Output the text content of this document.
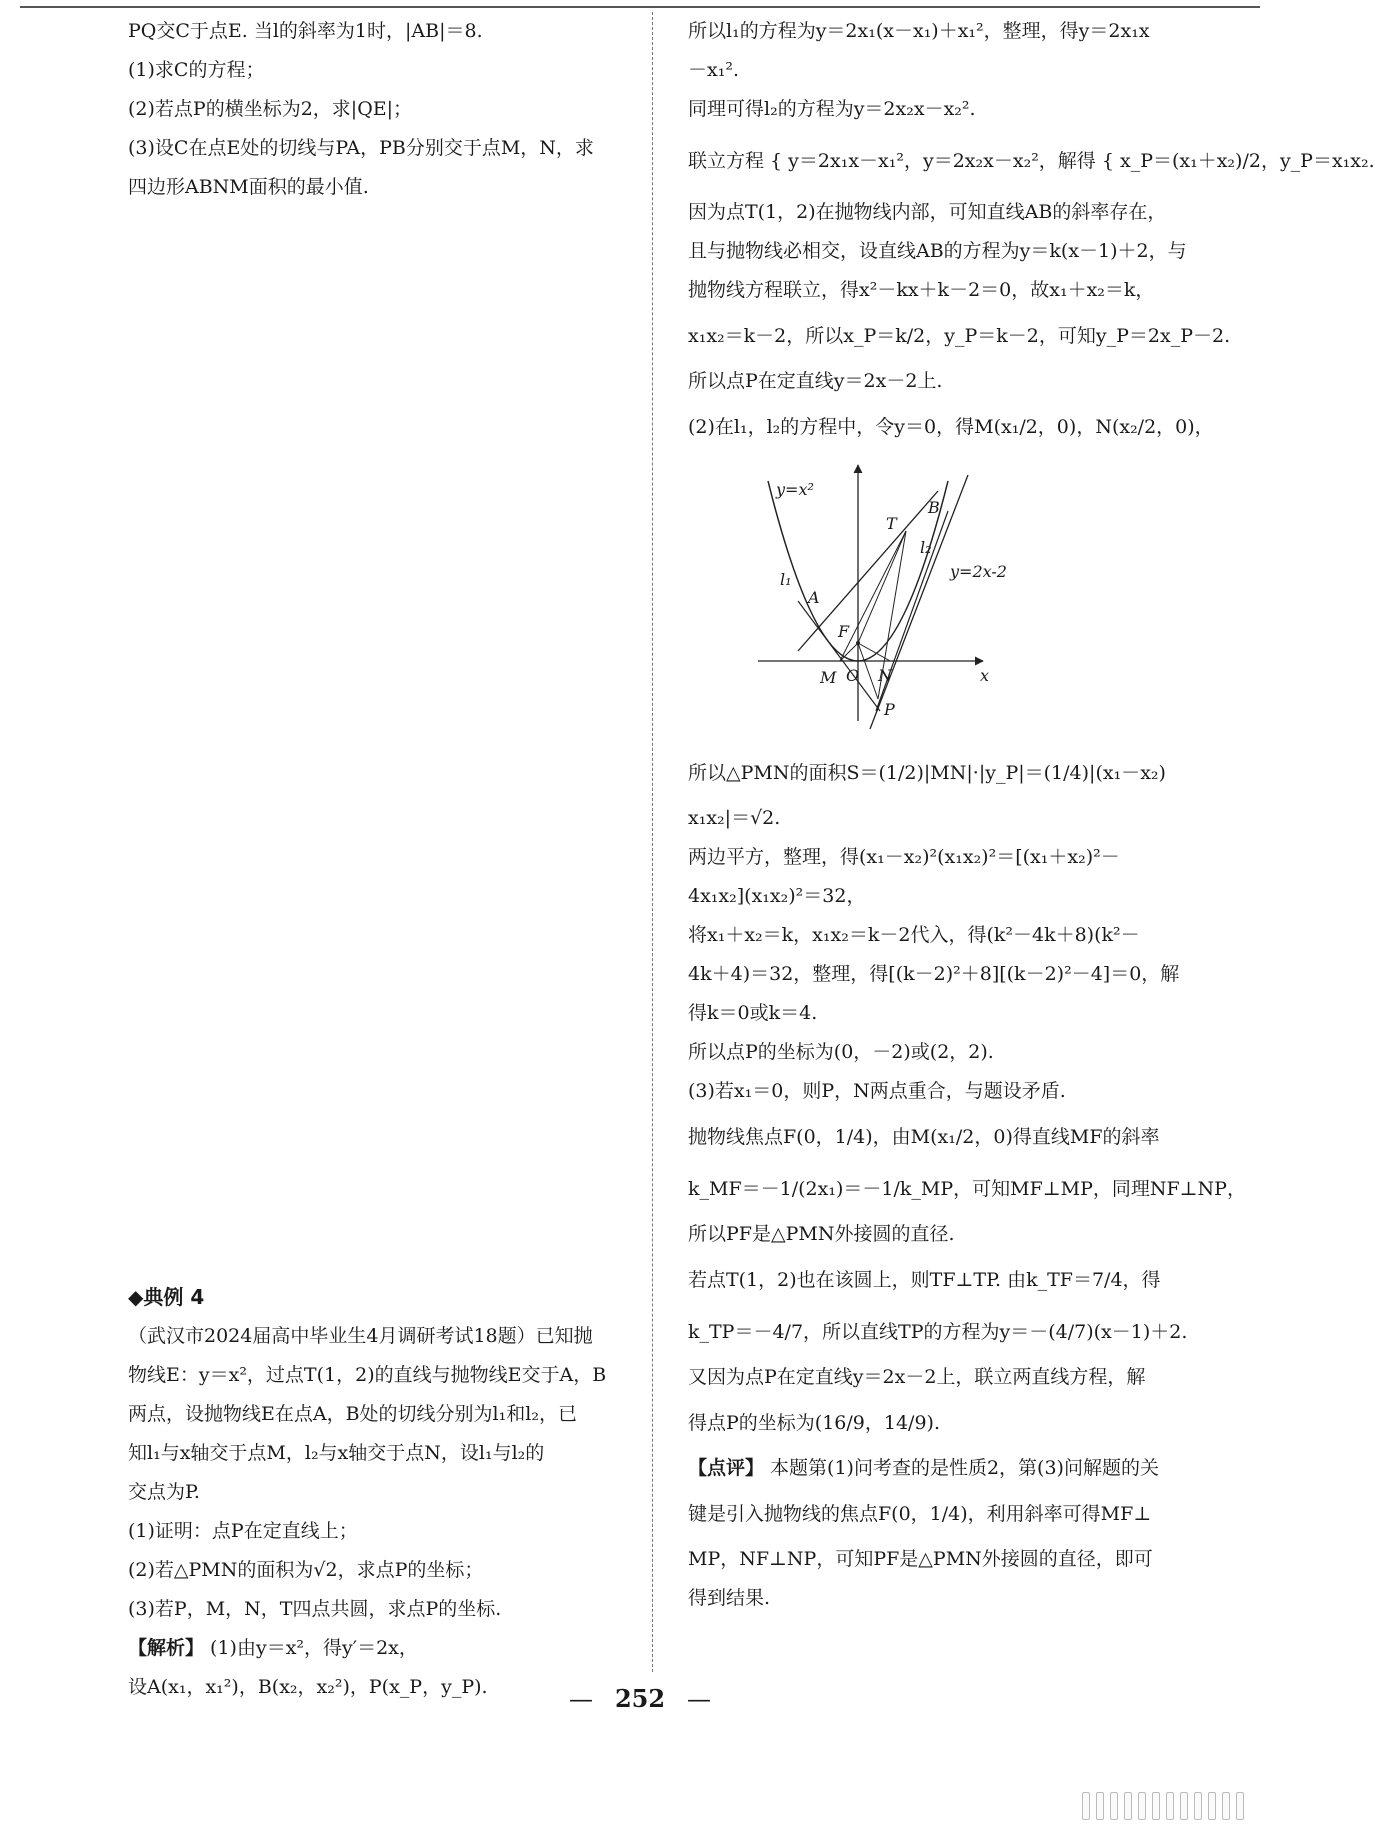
PQ交C于点E. 当l的斜率为1时，|AB|＝8.
(1)求C的方程；
(2)若点P的横坐标为2，求|QE|；
(3)设C在点E处的切线与PA，PB分别交于点M，N，求
四边形ABNM面积的最小值.
◆典例 4
（武汉市2024届高中毕业生4月调研考试18题）已知抛
物线E：y＝x²，过点T(1，2)的直线与抛物线E交于A，B
两点，设抛物线E在点A，B处的切线分别为l₁和l₂，已
知l₁与x轴交于点M，l₂与x轴交于点N，设l₁与l₂的
交点为P.
(1)证明：点P在定直线上；
(2)若△PMN的面积为√2，求点P的坐标；
(3)若P，M，N，T四点共圆，求点P的坐标.
【解析】 (1)由y＝x²，得y′＝2x，
设A(x₁，x₁²)，B(x₂，x₂²)，P(x_P，y_P).
所以l₁的方程为y＝2x₁(x－x₁)＋x₁²，整理，得y＝2x₁x
－x₁².
同理可得l₂的方程为y＝2x₂x－x₂².
联立方程 { y＝2x₁x－x₁²，y＝2x₂x－x₂²，解得 { x_P＝(x₁＋x₂)/2，y_P＝x₁x₂.
因为点T(1，2)在抛物线内部，可知直线AB的斜率存在，
且与抛物线必相交，设直线AB的方程为y＝k(x－1)＋2，与
抛物线方程联立，得x²－kx＋k－2＝0，故x₁＋x₂＝k，
x₁x₂＝k－2，所以x_P＝k/2，y_P＝k－2，可知y_P＝2x_P－2.
所以点P在定直线y＝2x－2上.
(2)在l₁，l₂的方程中，令y＝0，得M(x₁/2，0)，N(x₂/2，0)，
y=x²
T
B
l₂
y=2x-2
l₁
A
F
M O N
P
x
所以△PMN的面积S＝(1/2)|MN|·|y_P|＝(1/4)|(x₁－x₂)
x₁x₂|＝√2.
两边平方，整理，得(x₁－x₂)²(x₁x₂)²＝[(x₁＋x₂)²－
4x₁x₂](x₁x₂)²＝32，
将x₁＋x₂＝k，x₁x₂＝k－2代入，得(k²－4k＋8)(k²－
4k＋4)＝32，整理，得[(k－2)²＋8][(k－2)²－4]＝0，解
得k＝0或k＝4.
所以点P的坐标为(0，－2)或(2，2).
(3)若x₁＝0，则P，N两点重合，与题设矛盾.
抛物线焦点F(0，1/4)，由M(x₁/2，0)得直线MF的斜率
k_MF＝－1/(2x₁)＝－1/k_MP，可知MF⊥MP，同理NF⊥NP，
所以PF是△PMN外接圆的直径.
若点T(1，2)也在该圆上，则TF⊥TP. 由k_TF＝7/4，得
k_TP＝－4/7，所以直线TP的方程为y＝－(4/7)(x－1)＋2.
又因为点P在定直线y＝2x－2上，联立两直线方程，解
得点P的坐标为(16/9，14/9).
【点评】 本题第(1)问考查的是性质2，第(3)问解题的关
键是引入抛物线的焦点F(0，1/4)，利用斜率可得MF⊥
MP，NF⊥NP，可知PF是△PMN外接圆的直径，即可
得到结果.
— 252 —
